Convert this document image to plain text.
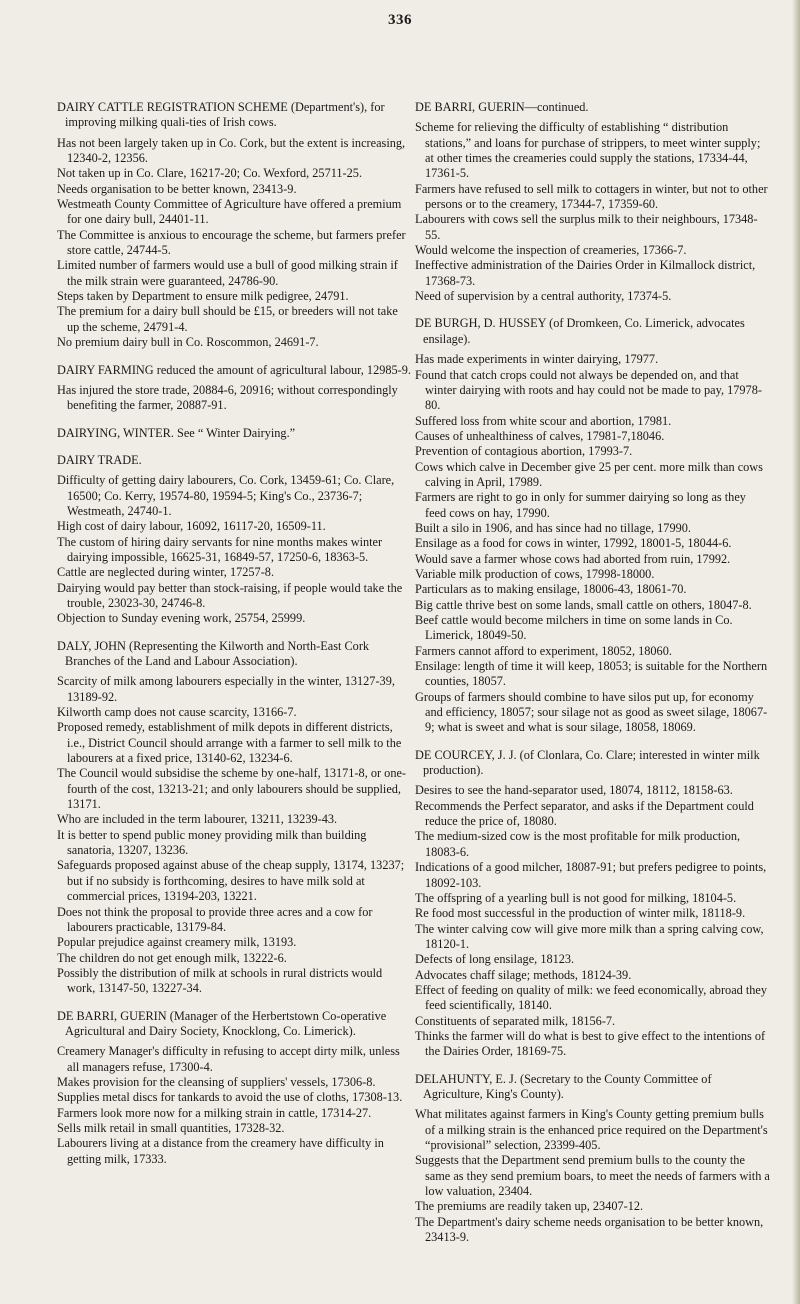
336
DAIRY CATTLE REGISTRATION SCHEME (Department's), for improving milking quali-ties of Irish cows.
Has not been largely taken up in Co. Cork, but the extent is increasing, 12340-2, 12356.
Not taken up in Co. Clare, 16217-20; Co. Wexford, 25711-25.
Needs organisation to be better known, 23413-9.
Westmeath County Committee of Agriculture have offered a premium for one dairy bull, 24401-11.
The Committee is anxious to encourage the scheme, but farmers prefer store cattle, 24744-5.
Limited number of farmers would use a bull of good milking strain if the milk strain were guaranteed, 24786-90.
Steps taken by Department to ensure milk pedigree, 24791.
The premium for a dairy bull should be £15, or breeders will not take up the scheme, 24791-4.
No premium dairy bull in Co. Roscommon, 24691-7.
DAIRY FARMING reduced the amount of agricultural labour, 12985-9.
Has injured the store trade, 20884-6, 20916; without correspondingly benefiting the farmer, 20887-91.
DAIRYING, WINTER. See “ Winter Dairying.”
DAIRY TRADE.
Difficulty of getting dairy labourers, Co. Cork, 13459-61; Co. Clare, 16500; Co. Kerry, 19574-80, 19594-5; King's Co., 23736-7; Westmeath, 24740-1.
High cost of dairy labour, 16092, 16117-20, 16509-11.
The custom of hiring dairy servants for nine months makes winter dairying impossible, 16625-31, 16849-57, 17250-6, 18363-5.
Cattle are neglected during winter, 17257-8.
Dairying would pay better than stock-raising, if people would take the trouble, 23023-30, 24746-8.
Objection to Sunday evening work, 25754, 25999.
DALY, JOHN (Representing the Kilworth and North-East Cork Branches of the Land and Labour Association).
Scarcity of milk among labourers especially in the winter, 13127-39, 13189-92.
Kilworth camp does not cause scarcity, 13166-7.
Proposed remedy, establishment of milk depots in different districts, i.e., District Council should arrange with a farmer to sell milk to the labourers at a fixed price, 13140-62, 13234-6.
The Council would subsidise the scheme by one-half, 13171-8, or one-fourth of the cost, 13213-21; and only labourers should be supplied, 13171.
Who are included in the term labourer, 13211, 13239-43.
It is better to spend public money providing milk than building sanatoria, 13207, 13236.
Safeguards proposed against abuse of the cheap supply, 13174, 13237; but if no subsidy is forthcoming, desires to have milk sold at commercial prices, 13194-203, 13221.
Does not think the proposal to provide three acres and a cow for labourers practicable, 13179-84.
Popular prejudice against creamery milk, 13193.
The children do not get enough milk, 13222-6.
Possibly the distribution of milk at schools in rural districts would work, 13147-50, 13227-34.
DE BARRI, GUERIN (Manager of the Herbertstown Co-operative Agricultural and Dairy Society, Knocklong, Co. Limerick).
Creamery Manager's difficulty in refusing to accept dirty milk, unless all managers refuse, 17300-4.
Makes provision for the cleansing of suppliers' vessels, 17306-8.
Supplies metal discs for tankards to avoid the use of cloths, 17308-13.
Farmers look more now for a milking strain in cattle, 17314-27.
Sells milk retail in small quantities, 17328-32.
Labourers living at a distance from the creamery have difficulty in getting milk, 17333.
DE BARRI, GUERIN—continued.
Scheme for relieving the difficulty of establishing “ distribution stations,” and loans for purchase of strippers, to meet winter supply; at other times the creameries could supply the stations, 17334-44, 17361-5.
Farmers have refused to sell milk to cottagers in winter, but not to other persons or to the creamery, 17344-7, 17359-60.
Labourers with cows sell the surplus milk to their neighbours, 17348-55.
Would welcome the inspection of creameries, 17366-7.
Ineffective administration of the Dairies Order in Kilmallock district, 17368-73.
Need of supervision by a central authority, 17374-5.
DE BURGH, D. HUSSEY (of Dromkeen, Co. Limerick, advocates ensilage).
Has made experiments in winter dairying, 17977.
Found that catch crops could not always be depended on, and that winter dairying with roots and hay could not be made to pay, 17978-80.
Suffered loss from white scour and abortion, 17981.
Causes of unhealthiness of calves, 17981-7,18046.
Prevention of contagious abortion, 17993-7.
Cows which calve in December give 25 per cent. more milk than cows calving in April, 17989.
Farmers are right to go in only for summer dairying so long as they feed cows on hay, 17990.
Built a silo in 1906, and has since had no tillage, 17990.
Ensilage as a food for cows in winter, 17992, 18001-5, 18044-6.
Would save a farmer whose cows had aborted from ruin, 17992.
Variable milk production of cows, 17998-18000.
Particulars as to making ensilage, 18006-43, 18061-70.
Big cattle thrive best on some lands, small cattle on others, 18047-8.
Beef cattle would become milchers in time on some lands in Co. Limerick, 18049-50.
Farmers cannot afford to experiment, 18052, 18060.
Ensilage: length of time it will keep, 18053; is suitable for the Northern counties, 18057.
Groups of farmers should combine to have silos put up, for economy and efficiency, 18057; sour silage not as good as sweet silage, 18067-9; what is sweet and what is sour silage, 18058, 18069.
DE COURCEY, J. J. (of Clonlara, Co. Clare; interested in winter milk production).
Desires to see the hand-separator used, 18074, 18112, 18158-63.
Recommends the Perfect separator, and asks if the Department could reduce the price of, 18080.
The medium-sized cow is the most profitable for milk production, 18083-6.
Indications of a good milcher, 18087-91; but prefers pedigree to points, 18092-103.
The offspring of a yearling bull is not good for milking, 18104-5.
Re food most successful in the production of winter milk, 18118-9.
The winter calving cow will give more milk than a spring calving cow, 18120-1.
Defects of long ensilage, 18123.
Advocates chaff silage; methods, 18124-39.
Effect of feeding on quality of milk: we feed economically, abroad they feed scientifically, 18140.
Constituents of separated milk, 18156-7.
Thinks the farmer will do what is best to give effect to the intentions of the Dairies Order, 18169-75.
DELAHUNTY, E. J. (Secretary to the County Committee of Agriculture, King's County).
What militates against farmers in King's County getting premium bulls of a milking strain is the enhanced price required on the Department's “provisional” selection, 23399-405.
Suggests that the Department send premium bulls to the county the same as they send premium boars, to meet the needs of farmers with a low valuation, 23404.
The premiums are readily taken up, 23407-12.
The Department's dairy scheme needs organisation to be better known, 23413-9.
